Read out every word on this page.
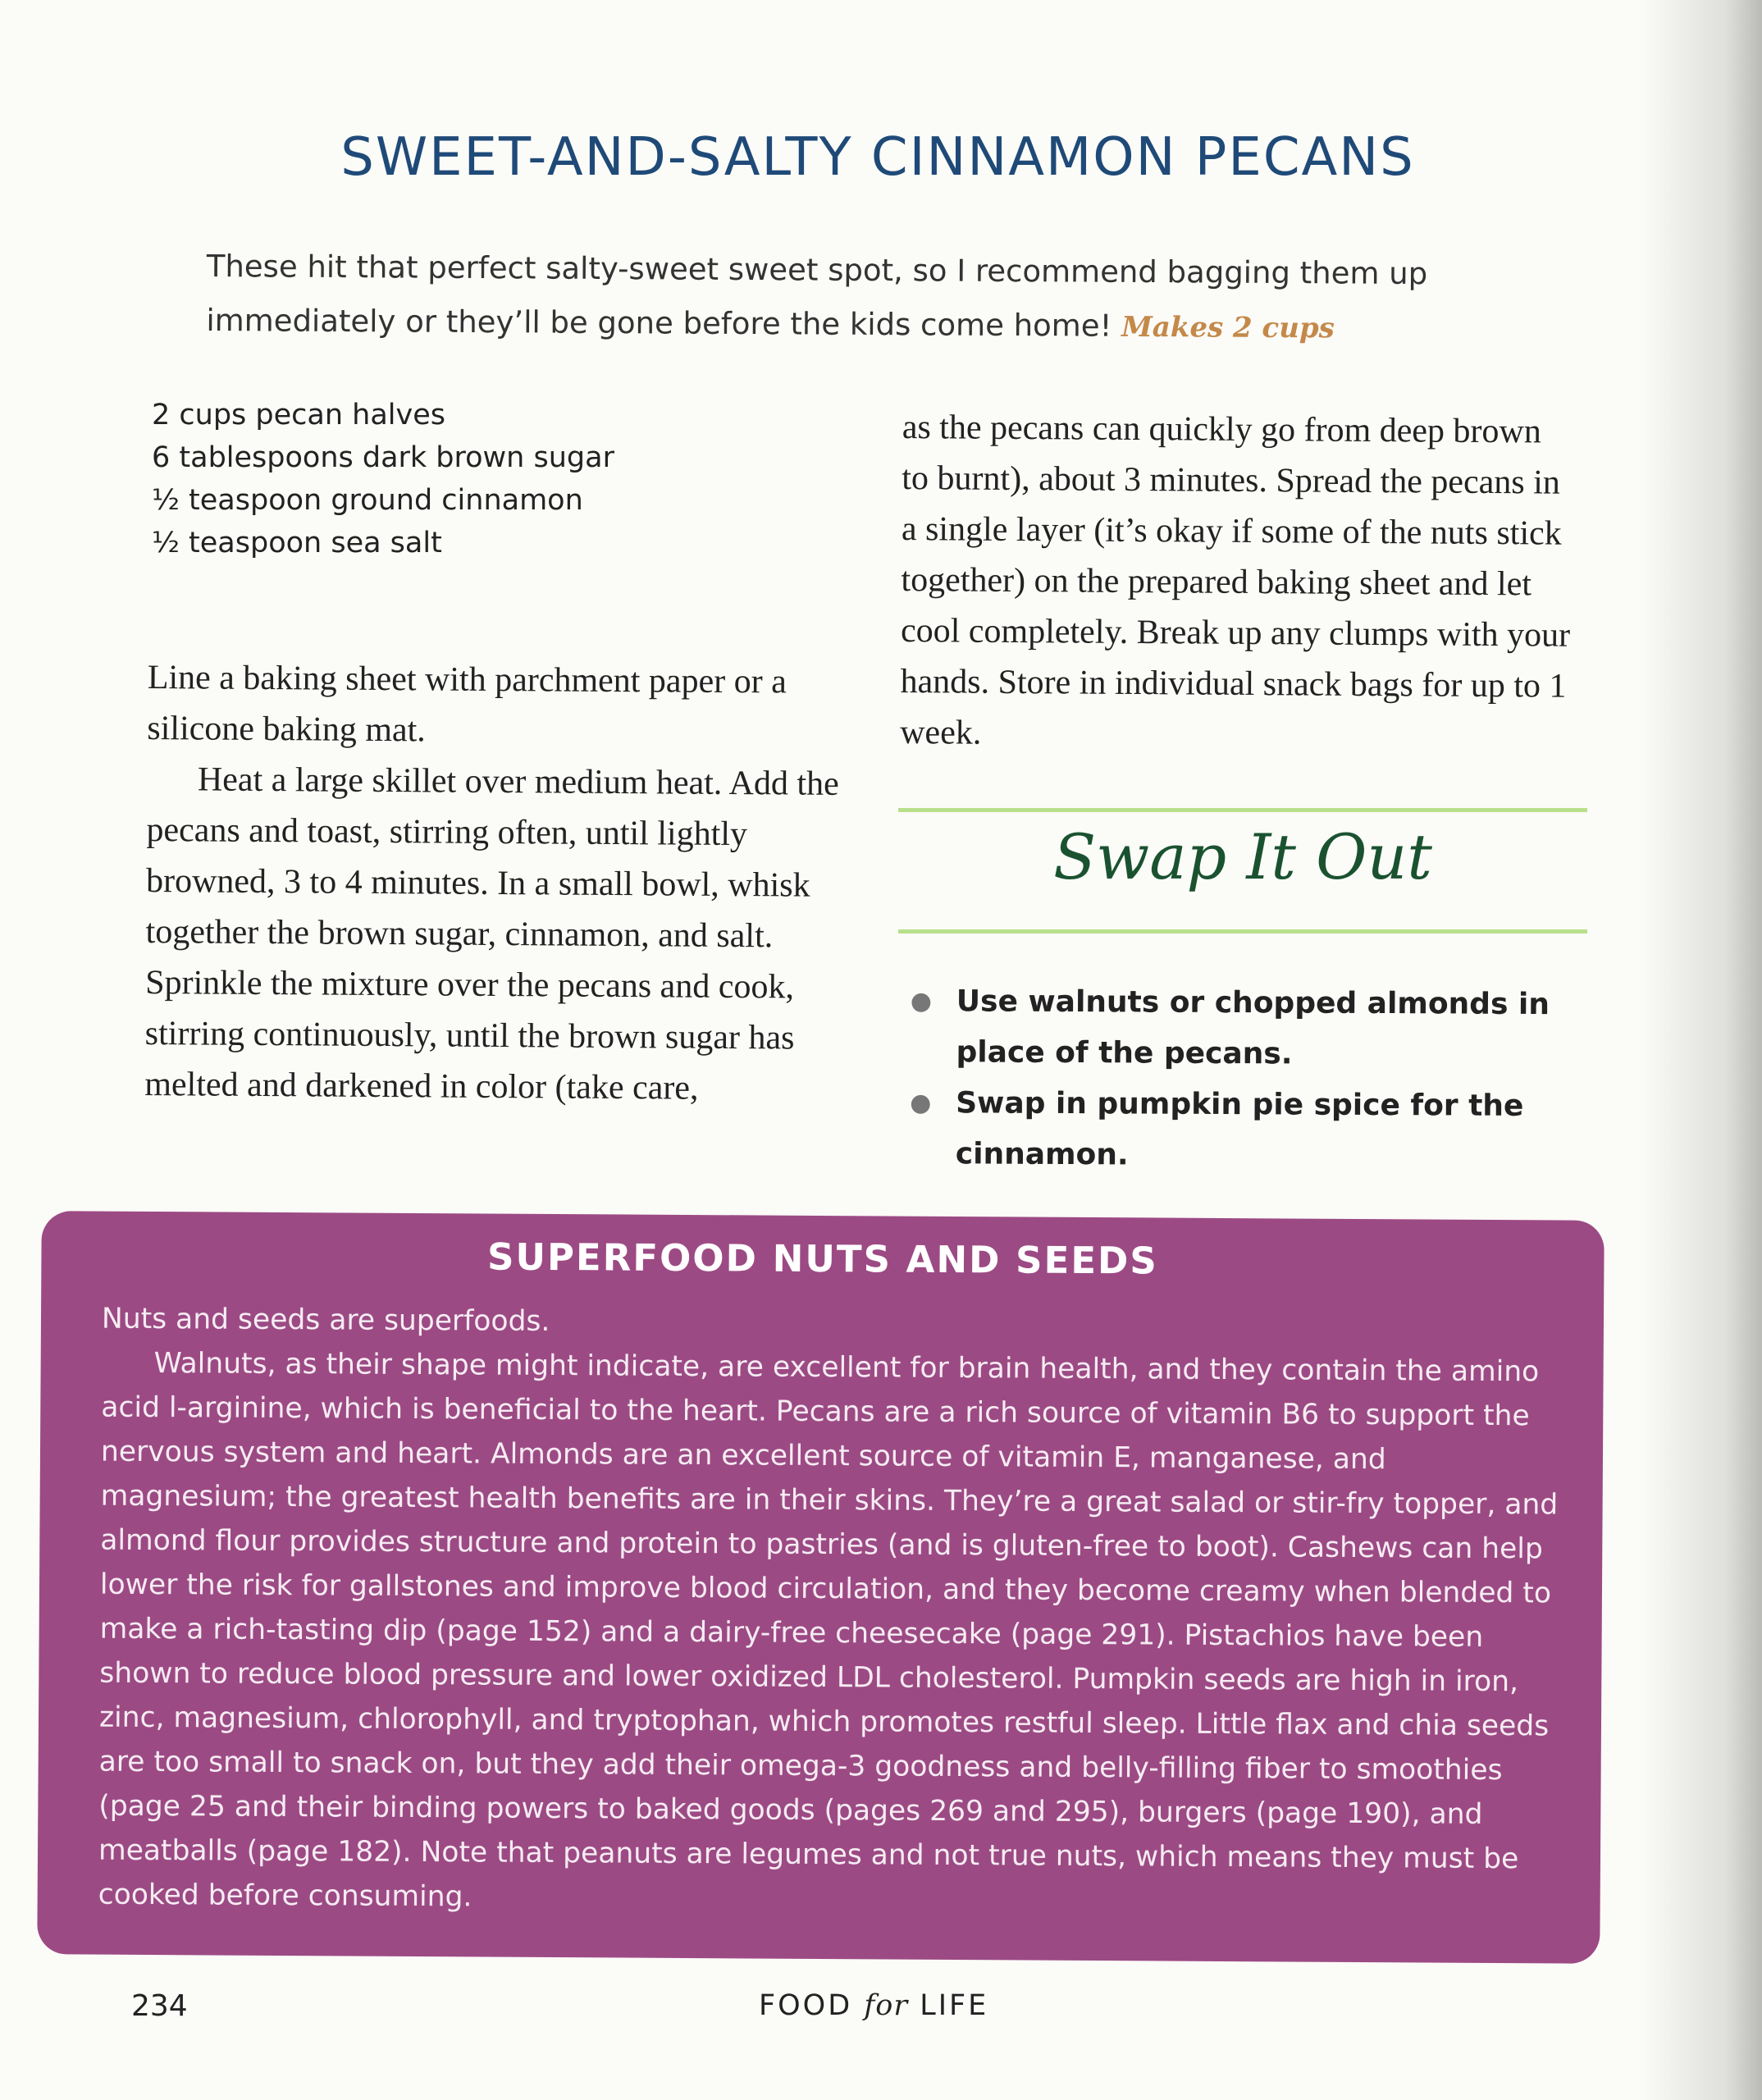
SWEET-AND-SALTY CINNAMON PECANS
These hit that perfect salty-sweet sweet spot, so I recommend bagging them up immediately or they’ll be gone before the kids come home! Makes 2 cups
2 cups pecan halves
6 tablespoons dark brown sugar
½ teaspoon ground cinnamon
½ teaspoon sea salt

Line a baking sheet with parchment paper or a silicone baking mat.

Heat a large skillet over medium heat. Add the pecans and toast, stirring often, until lightly browned, 3 to 4 minutes. In a small bowl, whisk together the brown sugar, cinnamon, and salt. Sprinkle the mixture over the pecans and cook, stirring continuously, until the brown sugar has melted and darkened in color (take care,

as the pecans can quickly go from deep brown to burnt), about 3 minutes. Spread the pecans in a single layer (it’s okay if some of the nuts stick together) on the prepared baking sheet and let cool completely. Break up any clumps with your hands. Store in individual snack bags for up to 1 week.

Swap It Out
● Use walnuts or chopped almonds in place of the pecans.
● Swap in pumpkin pie spice for the cinnamon.
SUPERFOOD NUTS AND SEEDS

Nuts and seeds are superfoods.

Walnuts, as their shape might indicate, are excellent for brain health, and they contain the amino acid l-arginine, which is beneficial to the heart. Pecans are a rich source of vitamin B6 to support the nervous system and heart. Almonds are an excellent source of vitamin E, manganese, and magnesium; the greatest health benefits are in their skins. They’re a great salad or stir-fry topper, and almond flour provides structure and protein to pastries (and is gluten-free to boot). Cashews can help lower the risk for gallstones and improve blood circulation, and they become creamy when blended to make a rich-tasting dip (page 152) and a dairy-free cheesecake (page 291). Pistachios have been shown to reduce blood pressure and lower oxidized LDL cholesterol. Pumpkin seeds are high in iron, zinc, magnesium, chlorophyll, and tryptophan, which promotes restful sleep. Little flax and chia seeds are too small to snack on, but they add their omega-3 goodness and belly-filling fiber to smoothies (page 25 and their binding powers to baked goods (pages 269 and 295), burgers (page 190), and meatballs (page 182). Note that peanuts are legumes and not true nuts, which means they must be cooked before consuming.

234	FOOD for LIFE
